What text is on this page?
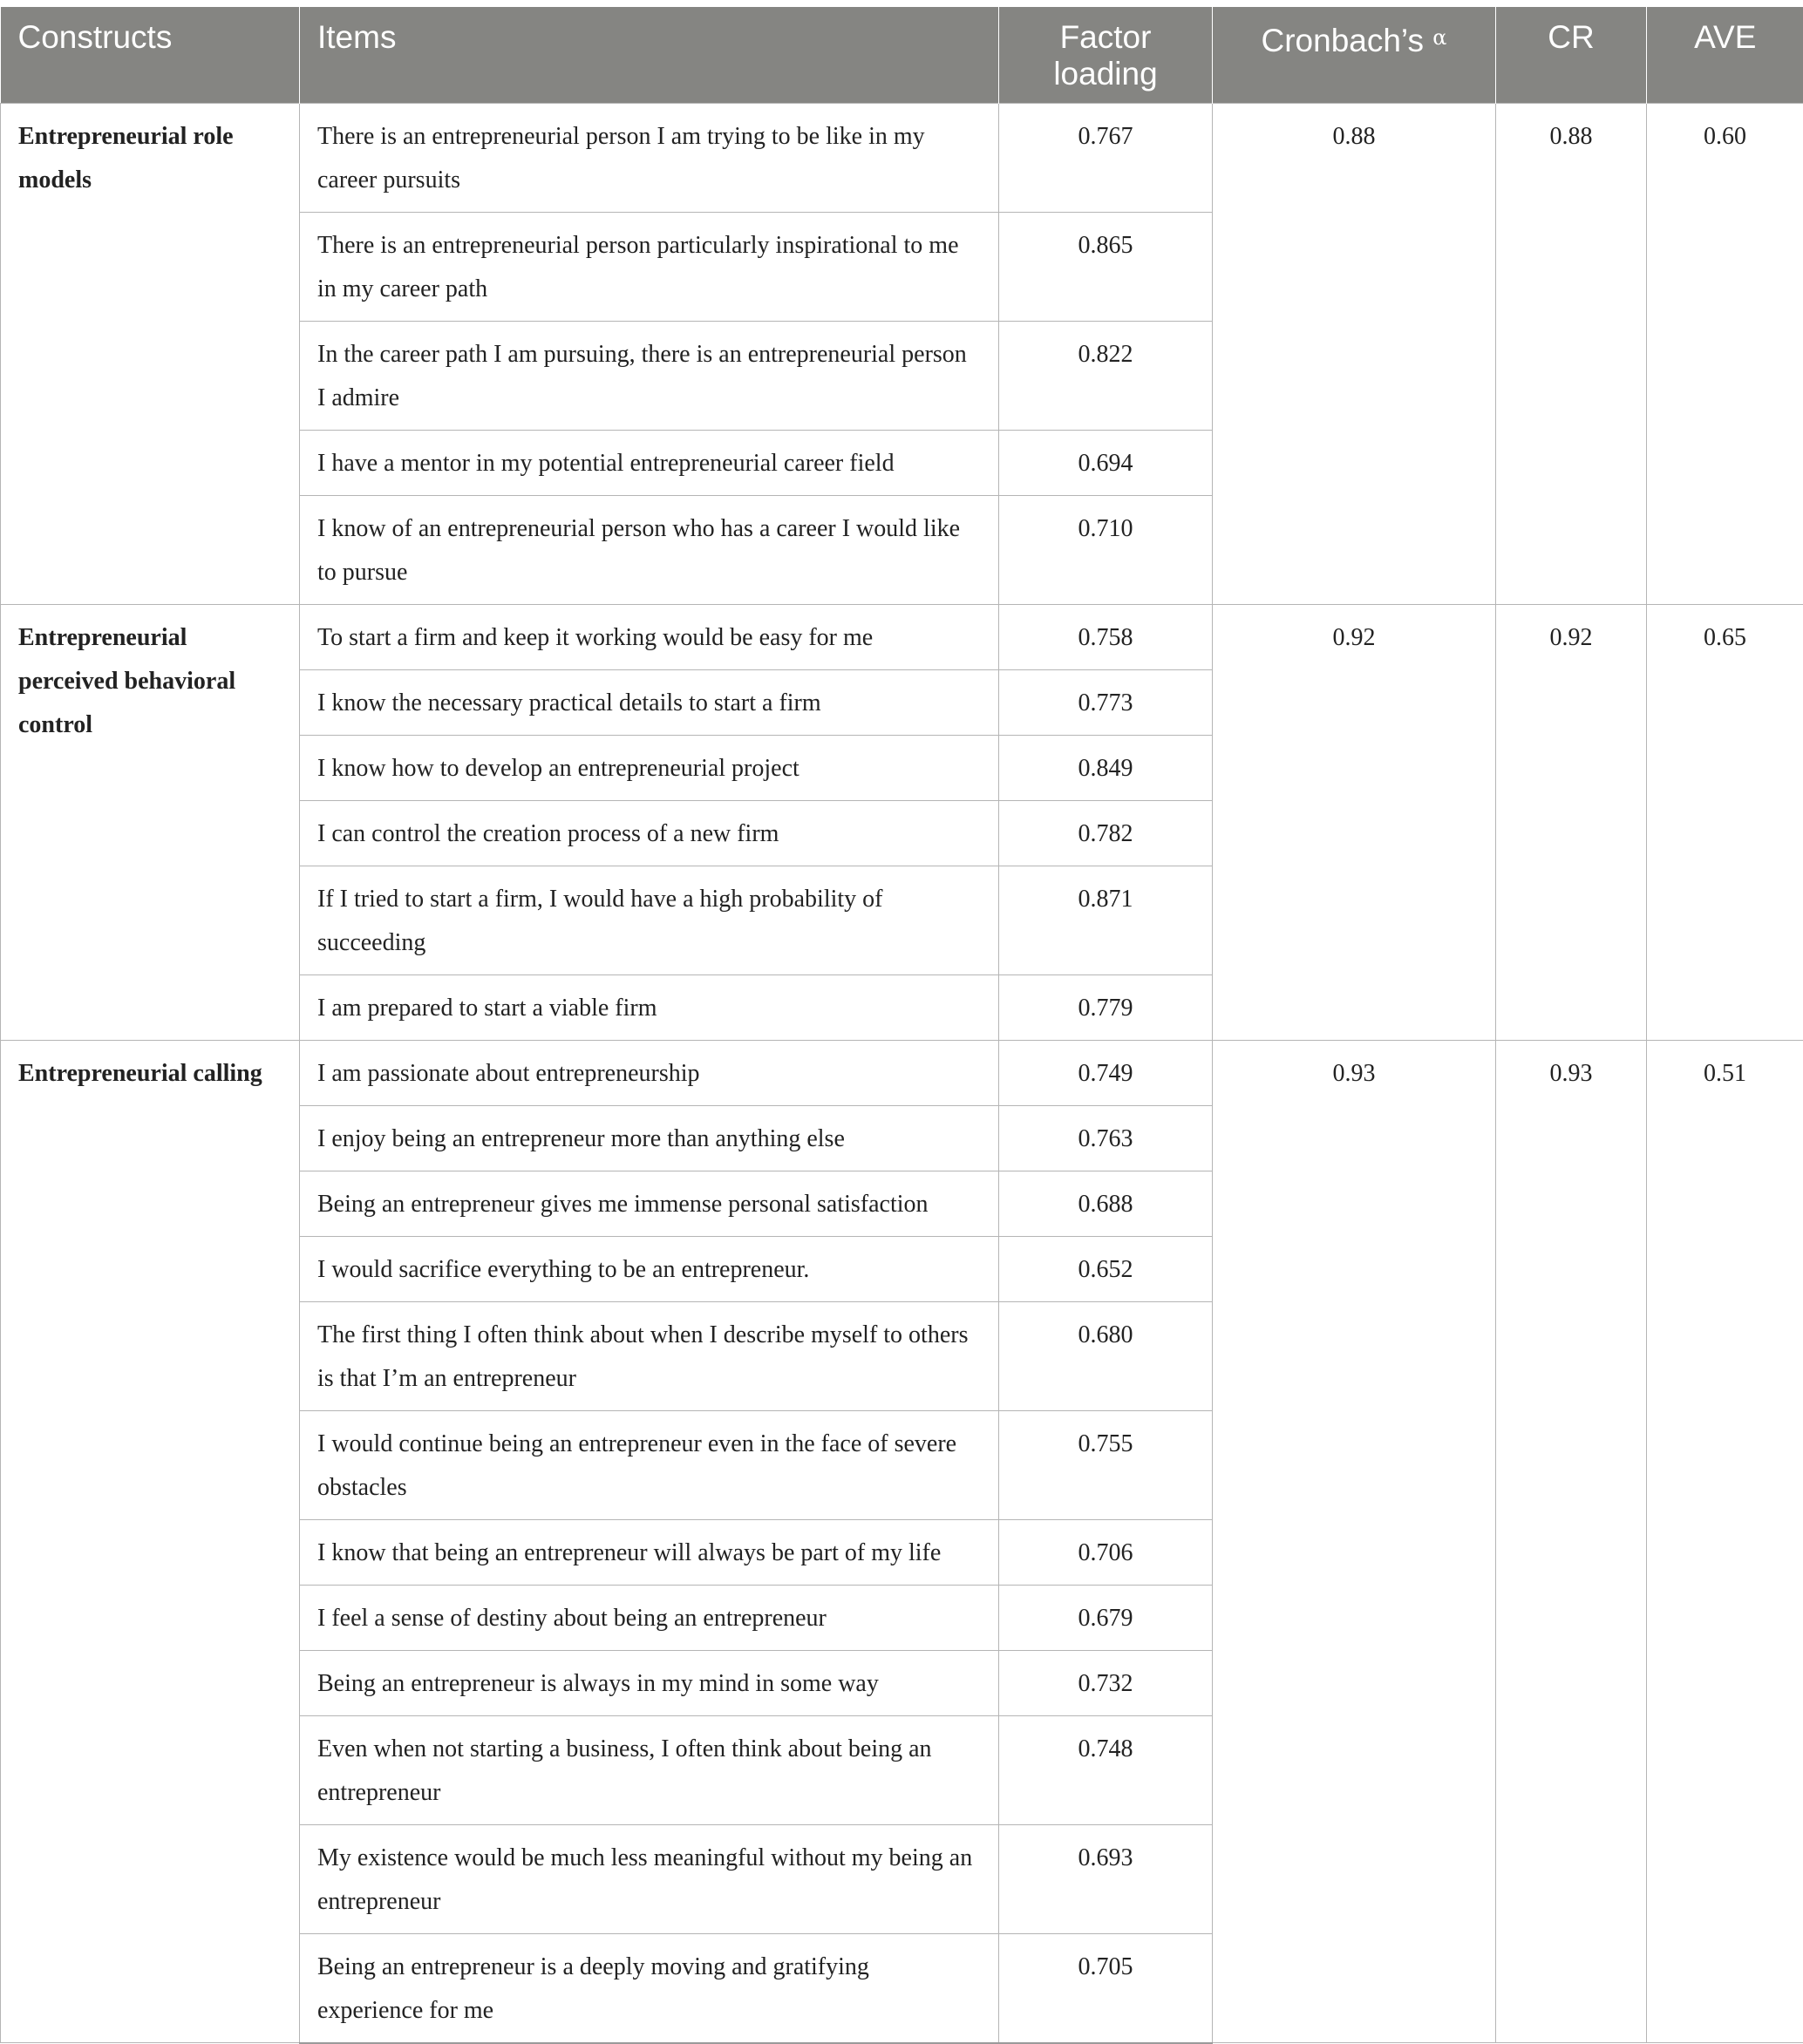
Constructs	Items	Factor loading	Cronbach’s $^\alpha$	CR	AVE
Entrepreneurial role models	There is an entrepreneurial person I am trying to be like in my career pursuits	0.767	0.88	0.88	0.60
	There is an entrepreneurial person particularly inspirational to me in my career path	0.865			
	In the career path I am pursuing, there is an entrepreneurial person I admire	0.822			
	I have a mentor in my potential entrepreneurial career field	0.694			
	I know of an entrepreneurial person who has a career I would like to pursue	0.710			
Entrepreneurial perceived behavioral control	To start a firm and keep it working would be easy for me	0.758	0.92	0.92	0.65
	I know the necessary practical details to start a firm	0.773			
	I know how to develop an entrepreneurial project	0.849			
	I can control the creation process of a new firm	0.782			
	If I tried to start a firm, I would have a high probability of succeeding	0.871			
	I am prepared to start a viable firm	0.779			
Entrepreneurial calling	I am passionate about entrepreneurship	0.749	0.93	0.93	0.51
	I enjoy being an entrepreneur more than anything else	0.763			
	Being an entrepreneur gives me immense personal satisfaction	0.688			
	I would sacrifice everything to be an entrepreneur.	0.652			
	The first thing I often think about when I describe myself to others is that I’m an entrepreneur	0.680			
	I would continue being an entrepreneur even in the face of severe obstacles	0.755			
	I know that being an entrepreneur will always be part of my life	0.706			
	I feel a sense of destiny about being an entrepreneur	0.679			
	Being an entrepreneur is always in my mind in some way	0.732			
	Even when not starting a business, I often think about being an entrepreneur	0.748			
	My existence would be much less meaningful without my being an entrepreneur	0.693			
	Being an entrepreneur is a deeply moving and gratifying experience for me	0.705			
